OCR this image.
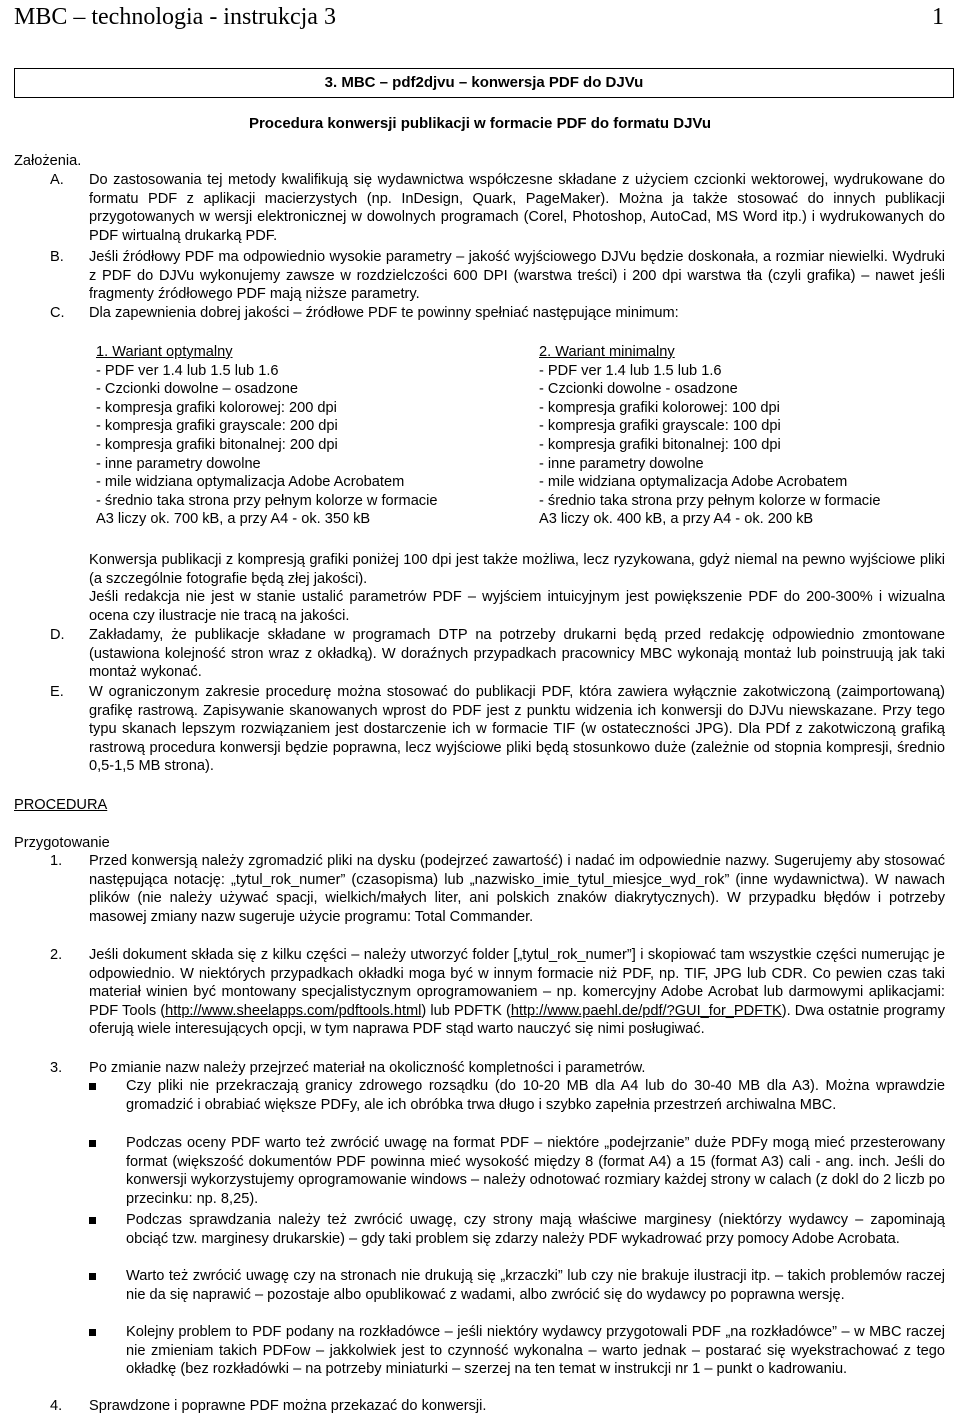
MBC – technologia - instrukcja 3	1
3. MBC – pdf2djvu – konwersja PDF do DJVu
Procedura konwersji publikacji w formacie PDF do formatu DJVu
Założenia.
A.	Do zastosowania tej metody kwalifikują się wydawnictwa współczesne składane z użyciem czcionki wektorowej, wydrukowane do formatu PDF z aplikacji macierzystych (np. InDesign, Quark, PageMaker). Można ja także stosować do innych publikacji przygotowanych w wersji elektronicznej w dowolnych programach (Corel, Photoshop, AutoCad, MS Word itp.) i wydrukowanych do PDF wirtualną drukarką PDF.
B.	Jeśli źródłowy PDF ma odpowiednio wysokie parametry – jakość wyjściowego DJVu będzie doskonała, a rozmiar niewielki. Wydruki z PDF do DJVu wykonujemy zawsze w rozdzielczości 600 DPI (warstwa treści) i 200 dpi warstwa tła (czyli grafika) – nawet jeśli fragmenty źródłowego PDF mają niższe parametry.
C.	Dla zapewnienia dobrej jakości – źródłowe PDF te powinny spełniać następujące minimum:
1. Wariant optymalny
- PDF ver 1.4 lub 1.5 lub 1.6
- Czcionki dowolne – osadzone
- kompresja grafiki kolorowej: 200 dpi
- kompresja grafiki grayscale: 200 dpi
- kompresja grafiki bitonalnej: 200 dpi
- inne parametry dowolne
- mile widziana optymalizacja Adobe Acrobatem
- średnio taka strona przy pełnym kolorze w formacie
A3 liczy ok. 700 kB, a przy A4 - ok. 350 kB
2. Wariant minimalny
- PDF ver 1.4 lub 1.5 lub 1.6
- Czcionki dowolne - osadzone
- kompresja grafiki kolorowej: 100 dpi
- kompresja grafiki grayscale: 100 dpi
- kompresja grafiki bitonalnej: 100 dpi
- inne parametry dowolne
- mile widziana optymalizacja Adobe Acrobatem
- średnio taka strona przy pełnym kolorze w formacie
A3 liczy ok. 400 kB, a przy A4 - ok. 200 kB
Konwersja publikacji z kompresją grafiki poniżej 100 dpi jest także możliwa, lecz ryzykowana, gdyż niemal na pewno wyjściowe pliki (a szczególnie fotografie będą złej jakości).
Jeśli redakcja nie jest w stanie ustalić parametrów PDF – wyjściem intuicyjnym jest powiększenie PDF do 200-300% i wizualna ocena czy ilustracje nie tracą na jakości.
D.	Zakładamy, że publikacje składane w programach DTP na potrzeby drukarni będą przed redakcję odpowiednio zmontowane (ustawiona kolejność stron wraz z okładką). W doraźnych przypadkach pracownicy MBC wykonają montaż lub poinstruują jak taki montaż wykonać.
E.	W ograniczonym zakresie procedurę można stosować do publikacji PDF, która zawiera wyłącznie zakotwiczoną (zaimportowaną) grafikę rastrową. Zapisywanie skanowanych wprost do PDF jest z punktu widzenia ich konwersji do DJVu niewskazane. Przy tego typu skanach lepszym rozwiązaniem jest dostarczenie ich w formacie TIF (w ostateczności JPG). Dla PDf z zakotwiczoną grafiką rastrową procedura konwersji będzie poprawna, lecz wyjściowe pliki będą stosunkowo duże (zależnie od stopnia kompresji, średnio 0,5-1,5 MB strona).
PROCEDURA
Przygotowanie
1.	Przed konwersją należy zgromadzić pliki na dysku (podejrzeć zawartość) i nadać im odpowiednie nazwy. Sugerujemy aby stosować następująca notację: „tytul_rok_numer” (czasopisma) lub „nazwisko_imie_tytul_miesjce_wyd_rok” (inne wydawnictwa). W nawach plików (nie należy używać spacji, wielkich/małych liter, ani polskich znaków diakrytycznych). W przypadku błędów i potrzeby masowej zmiany nazw sugeruje użycie programu: Total Commander.
2.	Jeśli dokument składa się z kilku części – należy utworzyć folder [„tytul_rok_numer”] i skopiować tam wszystkie części numerując je odpowiednio. W niektórych przypadkach okładki moga być w innym formacie niż PDF, np. TIF, JPG lub CDR. Co pewien czas taki materiał winien być montowany specjalistycznym oprogramowaniem – np. komercyjny Adobe Acrobat lub darmowymi aplikacjami: PDF Tools (http://www.sheelapps.com/pdftools.html) lub PDFTK (http://www.paehl.de/pdf/?GUI_for_PDFTK). Dwa ostatnie programy oferują wiele interesujących opcji, w tym naprawa PDF stąd warto nauczyć się nimi posługiwać.
3.	Po zmianie nazw należy przejrzeć materiał na okoliczność kompletności i parametrów.
Czy pliki nie przekraczają granicy zdrowego rozsądku (do 10-20 MB dla A4 lub do 30-40 MB dla A3). Można wprawdzie gromadzić i obrabiać większe PDFy, ale ich obróbka trwa długo i szybko zapełnia przestrzeń archiwalna MBC.
Podczas oceny PDF warto też zwrócić uwagę na format PDF – niektóre „podejrzanie” duże PDFy mogą mieć przesterowany format (większość dokumentów PDF powinna mieć wysokość między 8 (format A4) a 15 (format A3) cali - ang. inch. Jeśli do konwersji wykorzystujemy oprogramowanie windows – należy odnotować rozmiary każdej strony w calach (z dokl do 2 liczb po przecinku: np. 8,25).
Podczas sprawdzania należy też zwrócić uwagę, czy strony mają właściwe marginesy (niektórzy wydawcy – zapominają obciąć tzw. marginesy drukarskie) – gdy taki problem się zdarzy należy PDF wykadrować przy pomocy Adobe Acrobata.
Warto też zwrócić uwagę czy na stronach nie drukują się „krzaczki” lub czy nie brakuje ilustracji itp. – takich problemów raczej nie da się naprawić – pozostaje albo opublikować z wadami, albo zwrócić się do wydawcy po poprawna wersję.
Kolejny problem to PDF podany na rozkładówce – jeśli niektóry wydawcy przygotowali PDF „na rozkładówce” – w MBC raczej nie zmieniam takich PDFow – jakkolwiek jest to czynność wykonalna – warto jednak – postarać się wyekstrachować z tego okładkę (bez rozkładówki – na potrzeby miniaturki – szerzej na ten temat w instrukcji nr 1 – punkt o kadrowaniu.
4.	Sprawdzone i poprawne PDF można przekazać do konwersji.
